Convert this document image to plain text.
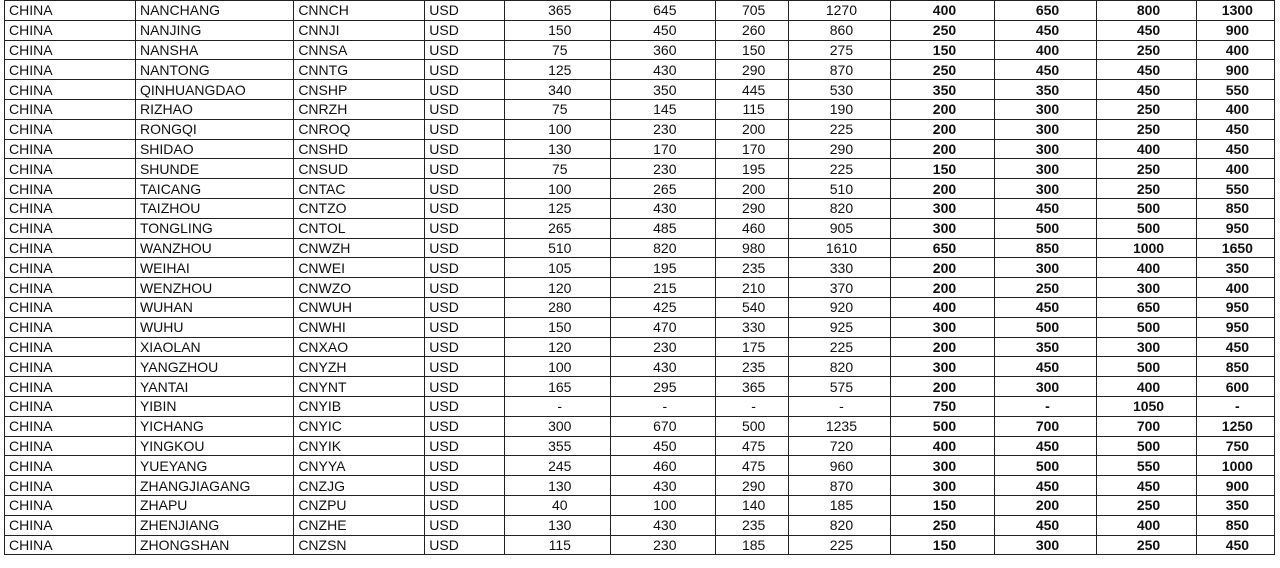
CHINA	NANCHANG	CNNCH	USD	365	645	705	1270	400	650	800	1300
CHINA	NANJING	CNNJI	USD	150	450	260	860	250	450	450	900
CHINA	NANSHA	CNNSA	USD	75	360	150	275	150	400	250	400
CHINA	NANTONG	CNNTG	USD	125	430	290	870	250	450	450	900
CHINA	QINHUANGDAO	CNSHP	USD	340	350	445	530	350	350	450	550
CHINA	RIZHAO	CNRZH	USD	75	145	115	190	200	300	250	400
CHINA	RONGQI	CNROQ	USD	100	230	200	225	200	300	250	450
CHINA	SHIDAO	CNSHD	USD	130	170	170	290	200	300	400	450
CHINA	SHUNDE	CNSUD	USD	75	230	195	225	150	300	250	400
CHINA	TAICANG	CNTAC	USD	100	265	200	510	200	300	250	550
CHINA	TAIZHOU	CNTZO	USD	125	430	290	820	300	450	500	850
CHINA	TONGLING	CNTOL	USD	265	485	460	905	300	500	500	950
CHINA	WANZHOU	CNWZH	USD	510	820	980	1610	650	850	1000	1650
CHINA	WEIHAI	CNWEI	USD	105	195	235	330	200	300	400	350
CHINA	WENZHOU	CNWZO	USD	120	215	210	370	200	250	300	400
CHINA	WUHAN	CNWUH	USD	280	425	540	920	400	450	650	950
CHINA	WUHU	CNWHI	USD	150	470	330	925	300	500	500	950
CHINA	XIAOLAN	CNXAO	USD	120	230	175	225	200	350	300	450
CHINA	YANGZHOU	CNYZH	USD	100	430	235	820	300	450	500	850
CHINA	YANTAI	CNYNT	USD	165	295	365	575	200	300	400	600
CHINA	YIBIN	CNYIB	USD	-	-	-	-	750	-	1050	-
CHINA	YICHANG	CNYIC	USD	300	670	500	1235	500	700	700	1250
CHINA	YINGKOU	CNYIK	USD	355	450	475	720	400	450	500	750
CHINA	YUEYANG	CNYYA	USD	245	460	475	960	300	500	550	1000
CHINA	ZHANGJIAGANG	CNZJG	USD	130	430	290	870	300	450	450	900
CHINA	ZHAPU	CNZPU	USD	40	100	140	185	150	200	250	350
CHINA	ZHENJIANG	CNZHE	USD	130	430	235	820	250	450	400	850
CHINA	ZHONGSHAN	CNZSN	USD	115	230	185	225	150	300	250	450
